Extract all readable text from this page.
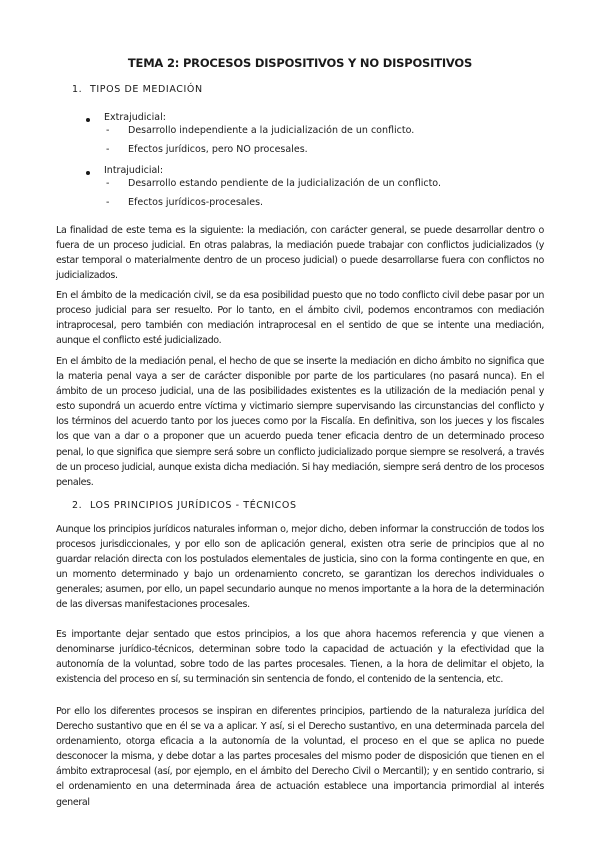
TEMA 2: PROCESOS DISPOSITIVOS Y NO DISPOSITIVOS
1. TIPOS DE MEDIACIÓN
Extrajudicial:
- Desarrollo independiente a la judicialización de un conflicto.
- Efectos jurídicos, pero NO procesales.
Intrajudicial:
- Desarrollo estando pendiente de la judicialización de un conflicto.
- Efectos jurídicos-procesales.

La finalidad de este tema es la siguiente: la mediación, con carácter general, se puede desarrollar dentro o fuera de un proceso judicial. En otras palabras, la mediación puede trabajar con conflictos judicializados (y estar temporal o materialmente dentro de un proceso judicial) o puede desarrollarse fuera con conflictos no judicializados.

En el ámbito de la medicación civil, se da esa posibilidad puesto que no todo conflicto civil debe pasar por un proceso judicial para ser resuelto. Por lo tanto, en el ámbito civil, podemos encontramos con mediación intraprocesal, pero también con mediación intraprocesal en el sentido de que se intente una mediación, aunque el conflicto esté judicializado.

En el ámbito de la mediación penal, el hecho de que se inserte la mediación en dicho ámbito no significa que la materia penal vaya a ser de carácter disponible por parte de los particulares (no pasará nunca). En el ámbito de un proceso judicial, una de las posibilidades existentes es la utilización de la mediación penal y esto supondrá un acuerdo entre víctima y victimario siempre supervisando las circunstancias del conflicto y los términos del acuerdo tanto por los jueces como por la Fiscalía. En definitiva, son los jueces y los fiscales los que van a dar o a proponer que un acuerdo pueda tener eficacia dentro de un determinado proceso penal, lo que significa que siempre será sobre un conflicto judicializado porque siempre se resolverá, a través de un proceso judicial, aunque exista dicha mediación. Si hay mediación, siempre será dentro de los procesos penales.

2. LOS PRINCIPIOS JURÍDICOS - TÉCNICOS

Aunque los principios jurídicos naturales informan o, mejor dicho, deben informar la construcción de todos los procesos jurisdiccionales, y por ello son de aplicación general, existen otra serie de principios que al no guardar relación directa con los postulados elementales de justicia, sino con la forma contingente en que, en un momento determinado y bajo un ordenamiento concreto, se garantizan los derechos individuales o generales; asumen, por ello, un papel secundario aunque no menos importante a la hora de la determinación de las diversas manifestaciones procesales.

Es importante dejar sentado que estos principios, a los que ahora hacemos referencia y que vienen a denominarse jurídico-técnicos, determinan sobre todo la capacidad de actuación y la efectividad que la autonomía de la voluntad, sobre todo de las partes procesales. Tienen, a la hora de delimitar el objeto, la existencia del proceso en sí, su terminación sin sentencia de fondo, el contenido de la sentencia, etc.

Por ello los diferentes procesos se inspiran en diferentes principios, partiendo de la naturaleza jurídica del Derecho sustantivo que en él se va a aplicar. Y así, si el Derecho sustantivo, en una determinada parcela del ordenamiento, otorga eficacia a la autonomía de la voluntad, el proceso en el que se aplica no puede desconocer la misma, y debe dotar a las partes procesales del mismo poder de disposición que tienen en el ámbito extraprocesal (así, por ejemplo, en el ámbito del Derecho Civil o Mercantil); y en sentido contrario, si el ordenamiento en una determinada área de actuación establece una importancia primordial al interés general
